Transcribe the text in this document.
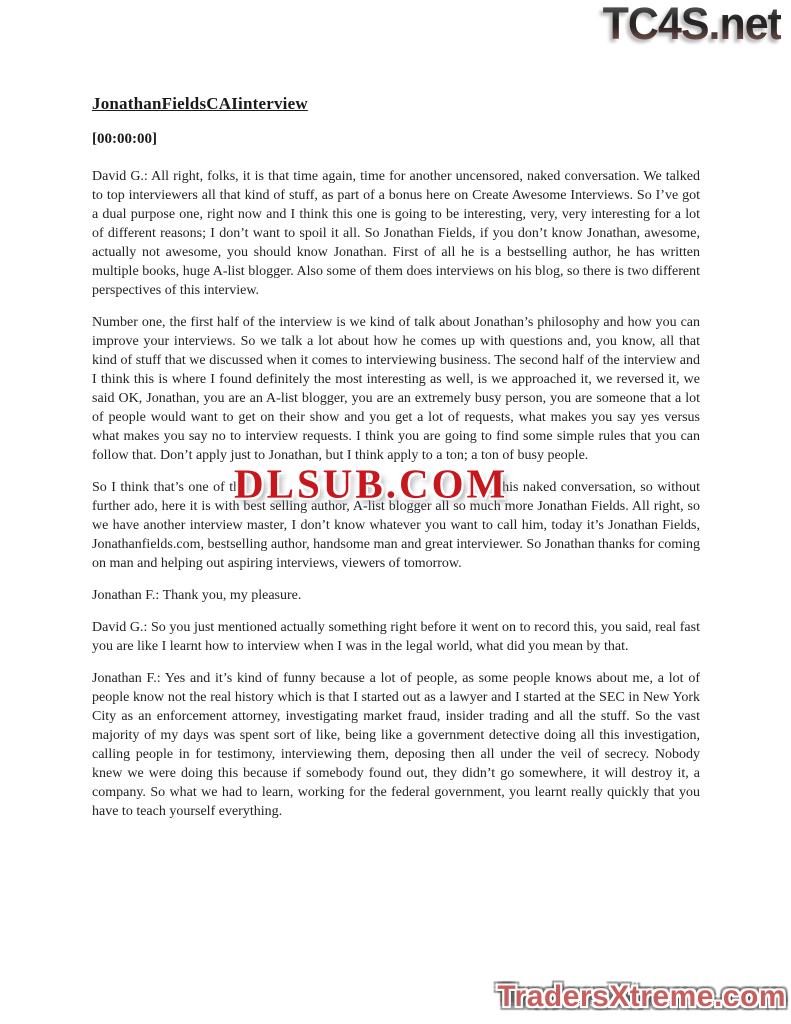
TC4S.net
JonathanFieldsCAIinterview
[00:00:00]

David G.: All right, folks, it is that time again, time for another uncensored, naked conversation. We talked to top interviewers all that kind of stuff, as part of a bonus here on Create Awesome Interviews. So I’ve got a dual purpose one, right now and I think this one is going to be interesting, very, very interesting for a lot of different reasons; I don’t want to spoil it all. So Jonathan Fields, if you don’t know Jonathan, awesome, actually not awesome, you should know Jonathan. First of all he is a bestselling author, he has written multiple books, huge A-list blogger. Also some of them does interviews on his blog, so there is two different perspectives of this interview.

Number one, the first half of the interview is we kind of talk about Jonathan’s philosophy and how you can improve your interviews. So we talk a lot about how he comes up with questions and, you know, all that kind of stuff that we discussed when it comes to interviewing business. The second half of the interview and I think this is where I found definitely the most interesting as well, is we approached it, we reversed it, we said OK, Jonathan, you are an A-list blogger, you are an extremely busy person, you are someone that a lot of people would want to get on their show and you get a lot of requests, what makes you say yes versus what makes you say no to interview requests. I think you are going to find some simple rules that you can follow that. Don’t apply just to Jonathan, but I think apply to a ton; a ton of busy people.

So I think that’s one of th
DLSUB.COM
his naked conversation, so without further ado, here it is with best selling author, A-list blogger all so much more Jonathan Fields. All right, so we have another interview master, I don’t know whatever you want to call him, today it’s Jonathan Fields, Jonathanfields.com, bestselling author, handsome man and great interviewer. So Jonathan thanks for coming on man and helping out aspiring interviews, viewers of tomorrow.

Jonathan F.: Thank you, my pleasure.

David G.: So you just mentioned actually something right before it went on to record this, you said, real fast you are like I learnt how to interview when I was in the legal world, what did you mean by that.

Jonathan F.: Yes and it’s kind of funny because a lot of people, as some people knows about me, a lot of people know not the real history which is that I started out as a lawyer and I started at the SEC in New York City as an enforcement attorney, investigating market fraud, insider trading and all the stuff. So the vast majority of my days was spent sort of like, being like a government detective doing all this investigation, calling people in for testimony, interviewing them, deposing then all under the veil of secrecy. Nobody knew we were doing this because if somebody found out, they didn’t go somewhere, it will destroy it, a company. So what we had to learn, working for the federal government, you learnt really quickly that you have to teach yourself everything.

TradersXtreme.com
